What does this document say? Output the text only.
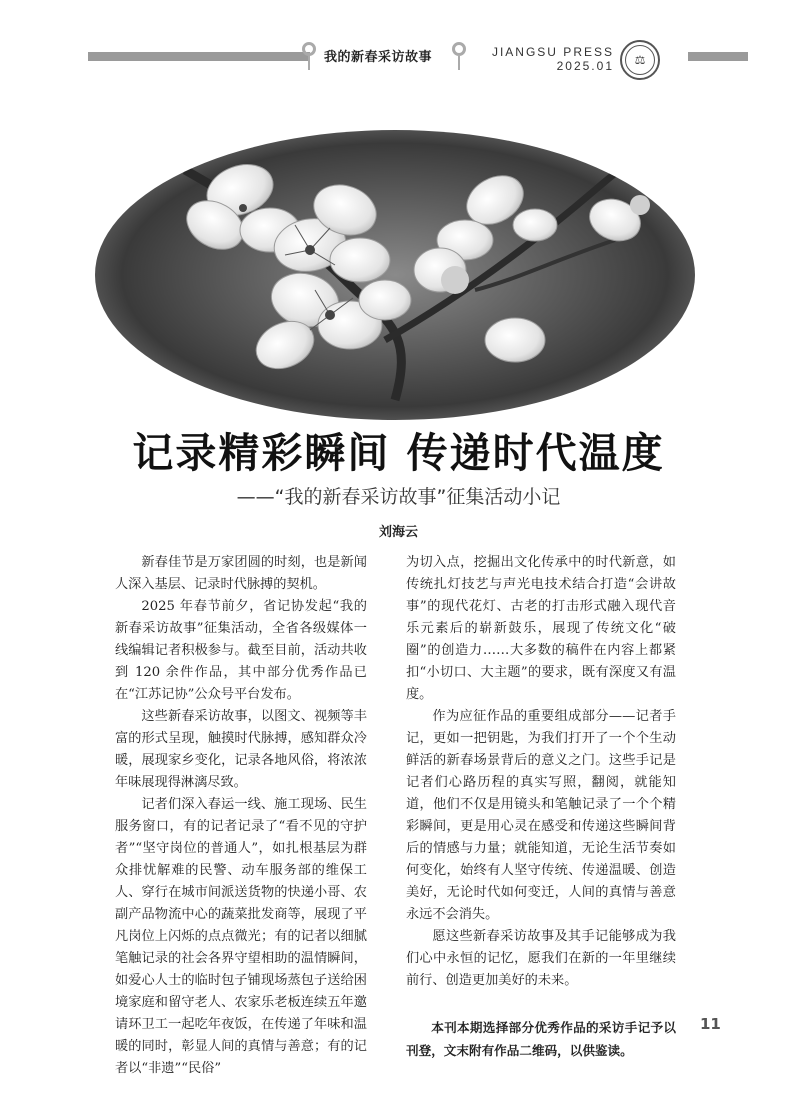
我的新春采访故事	JIANGSU PRESS
2025.01	⚖
记录精彩瞬间 传递时代温度
——“我的新春采访故事”征集活动小记
刘海云

新春佳节是万家团圆的时刻，也是新闻人深入基层、记录时代脉搏的契机。

2025 年春节前夕，省记协发起“我的新春采访故事”征集活动，全省各级媒体一线编辑记者积极参与。截至目前，活动共收到 120 余件作品，其中部分优秀作品已在“江苏记协”公众号平台发布。

这些新春采访故事，以图文、视频等丰富的形式呈现，触摸时代脉搏，感知群众冷暖，展现家乡变化，记录各地风俗，将浓浓年味展现得淋漓尽致。

记者们深入春运一线、施工现场、民生服务窗口，有的记者记录了“看不见的守护者”“坚守岗位的普通人”，如扎根基层为群众排忧解难的民警、动车服务部的维保工人、穿行在城市间派送货物的快递小哥、农副产品物流中心的蔬菜批发商等，展现了平凡岗位上闪烁的点点微光；有的记者以细腻笔触记录的社会各界守望相助的温情瞬间，如爱心人士的临时包子铺现场蒸包子送给困境家庭和留守老人、农家乐老板连续五年邀请环卫工一起吃年夜饭，在传递了年味和温暖的同时，彰显人间的真情与善意；有的记者以“非遗”“民俗”

为切入点，挖掘出文化传承中的时代新意，如传统扎灯技艺与声光电技术结合打造“会讲故事”的现代花灯、古老的打击形式融入现代音乐元素后的崭新鼓乐，展现了传统文化“破圈”的创造力……大多数的稿件在内容上都紧扣“小切口、大主题”的要求，既有深度又有温度。

作为应征作品的重要组成部分——记者手记，更如一把钥匙，为我们打开了一个个生动鲜活的新春场景背后的意义之门。这些手记是记者们心路历程的真实写照，翻阅，就能知道，他们不仅是用镜头和笔触记录了一个个精彩瞬间，更是用心灵在感受和传递这些瞬间背后的情感与力量；就能知道，无论生活节奏如何变化，始终有人坚守传统、传递温暖、创造美好，无论时代如何变迁，人间的真情与善意永远不会消失。

愿这些新春采访故事及其手记能够成为我们心中永恒的记忆，愿我们在新的一年里继续前行、创造更加美好的未来。

本刊本期选择部分优秀作品的采访手记予以刊登，文末附有作品二维码，以供鉴读。

11
